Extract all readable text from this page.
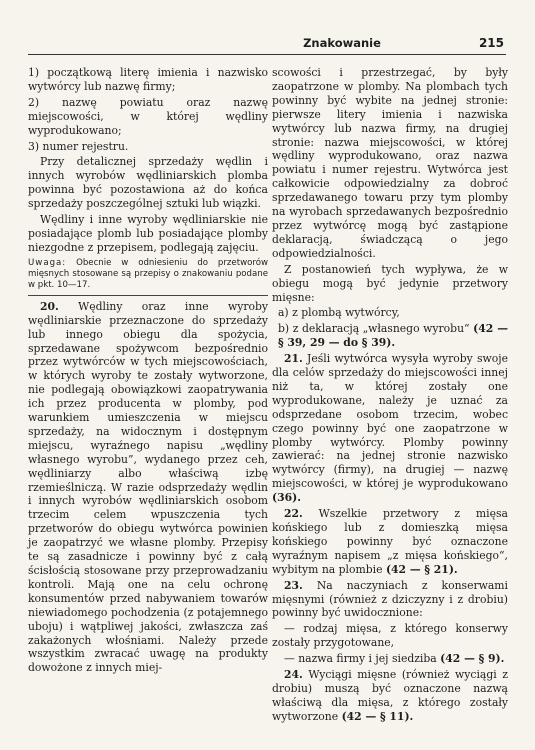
Znakowanie	215

1) początkową literę imienia i nazwisko wytwórcy lub nazwę firmy;

2) nazwę powiatu oraz nazwę miejscowości, w której wędliny wyprodukowano;

3) numer rejestru.

Przy detalicznej sprzedaży wędlin i innych wyrobów wędliniarskich plomba powinna być pozostawiona aż do końca sprzedaży poszczególnej sztuki lub wiązki.

Wędliny i inne wyroby wędliniarskie nie posiadające plomb lub posiadające plomby niezgodne z przepisem, podlegają zajęciu.

Uwaga: Obecnie w odniesieniu do przetworów mięsnych stosowane są przepisy o znakowaniu podane w pkt. 10—17.

20. Wędliny oraz inne wyroby wędliniarskie przeznaczone do sprzedaży lub innego obiegu dla spożycia, sprzedawane spożywcom bezpośrednio przez wytwórców w tych miejscowościach, w których wyroby te zostały wytworzone, nie podlegają obowiązkowi zaopatrywania ich przez producenta w plomby, pod warunkiem umieszczenia w miejscu sprzedaży, na widocznym i dostępnym miejscu, wyraźnego napisu „wędliny własnego wyrobu”, wydanego przez ceh, wędliniarzy albo właściwą izbę rzemieślniczą. W razie odsprzedaży wędlin i innych wyrobów wędliniarskich osobom trzecim celem wpuszczenia tych przetworów do obiegu wytwórca powinien je zaopatrzyć we własne plomby. Przepisy te są zasadnicze i powinny być z całą ścisłością stosowane przy przeprowadzaniu kontroli. Mają one na celu ochronę konsumentów przed nabywaniem towarów niewiadomego pochodzenia (z potajemnego uboju) i wątpliwej jakości, zwłaszcza zaś zakażonych włośniami. Należy przede wszystkim zwracać uwagę na produkty dowożone z innych miej-

scowości i przestrzegać, by były zaopatrzone w plomby. Na plombach tych powinny być wybite na jednej stronie: pierwsze litery imienia i nazwiska wytwórcy lub nazwa firmy, na drugiej stronie: nazwa miejscowości, w której wędliny wyprodukowano, oraz nazwa powiatu i numer rejestru. Wytwórca jest całkowicie odpowiedzialny za dobroć sprzedawanego towaru przy tym plomby na wyrobach sprzedawanych bezpośrednio przez wytwórcę mogą być zastąpione deklaracją, świadczącą o jego odpowiedzialności.

Z postanowień tych wypływa, że w obiegu mogą być jedynie przetwory mięsne:

a) z plombą wytwórcy,

b) z deklaracją „własnego wyrobu“ (42 — § 39, 29 — do § 39).

21. Jeśli wytwórca wysyła wyroby swoje dla celów sprzedaży do miejscowości innej niż ta, w której zostały one wyprodukowane, należy je uznać za odsprzedane osobom trzecim, wobec czego powinny być one zaopatrzone w plomby wytwórcy. Plomby powinny zawierać: na jednej stronie nazwisko wytwórcy (firmy), na drugiej — nazwę miejscowości, w której je wyprodukowano (36).

22. Wszelkie przetwory z mięsa końskiego lub z domieszką mięsa końskiego powinny być oznaczone wyraźnym napisem „z mięsa końskiego“, wybitym na plombie (42 — § 21).

23. Na naczyniach z konserwami mięsnymi (również z dziczyzny i z drobiu) powinny być uwidocznione:

— rodzaj mięsa, z którego konserwy zostały przygotowane,

— nazwa firmy i jej siedziba (42 — § 9).

24. Wyciągi mięsne (również wyciągi z drobiu) muszą być oznaczone nazwą właściwą dla mięsa, z którego zostały wytworzone (42 — § 11).
